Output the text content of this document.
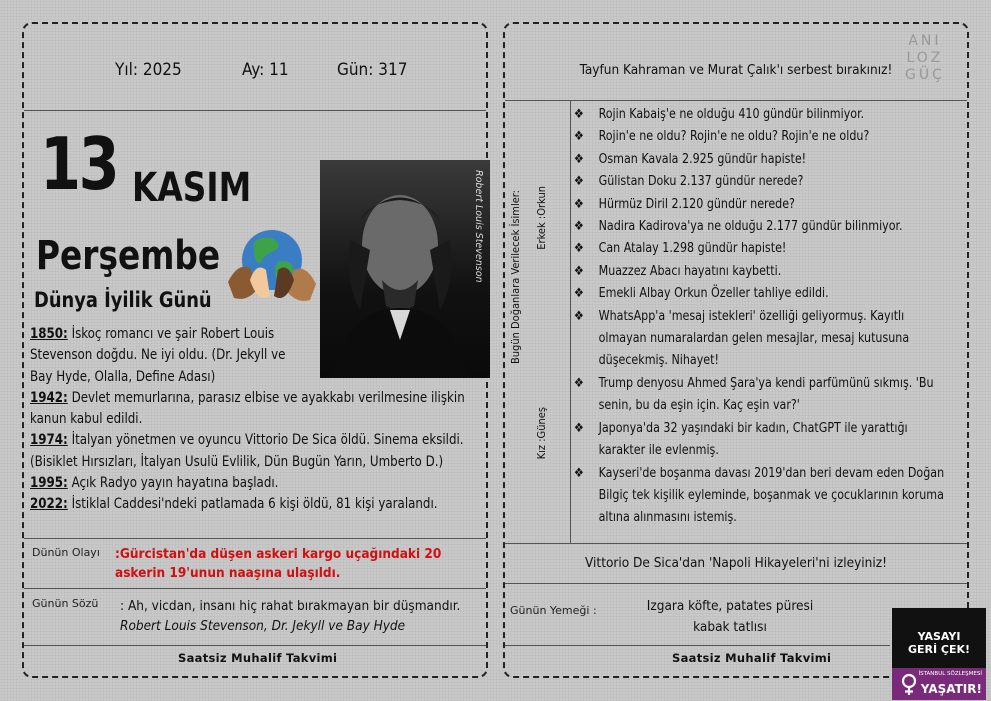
Yıl: 2025	Ay: 11	Gün: 317
13 KASIM
Perşembe
Dünya İyilik Günü
Robert Louis Stevenson
1850: İskoç romancı ve şair Robert Louis Stevenson doğdu. Ne iyi oldu. (Dr. Jekyll ve Bay Hyde, Olalla, Define Adası)
1942: Devlet memurlarına, parasız elbise ve ayakkabı verilmesine ilişkin kanun kabul edildi.
1974: İtalyan yönetmen ve oyuncu Vittorio De Sica öldü. Sinema eksildi. (Bisiklet Hırsızları, İtalyan Usulü Evlilik, Dün Bugün Yarın, Umberto D.)
1995: Açık Radyo yayın hayatına başladı.
2022: İstiklal Caddesi'ndeki patlamada 6 kişi öldü, 81 kişi yaralandı.
Dünün Olayı :Gürcistan'da düşen askeri kargo uçağındaki 20 askerin 19'unun naaşına ulaşıldı.
Günün Sözü : Ah, vicdan, insanı hiç rahat bırakmayan bir düşmandır.
Robert Louis Stevenson, Dr. Jekyll ve Bay Hyde
Saatsiz Muhalif Takvimi
Tayfun Kahraman ve Murat Çalık'ı serbest bırakınız!
ANI
LOZ
GÜÇ
Bugün Doğanlara Verilecek İsimler: Erkek :Orkun
Kız :Güneş
❖ Rojin Kabaiş'e ne olduğu 410 gündür bilinmiyor.
❖ Rojin'e ne oldu? Rojin'e ne oldu? Rojin'e ne oldu?
❖ Osman Kavala 2.925 gündür hapiste!
❖ Gülistan Doku 2.137 gündür nerede?
❖ Hürmüz Diril 2.120 gündür nerede?
❖ Nadira Kadirova'ya ne olduğu 2.177 gündür bilinmiyor.
❖ Can Atalay 1.298 gündür hapiste!
❖ Muazzez Abacı hayatını kaybetti.
❖ Emekli Albay Orkun Özeller tahliye edildi.
❖ WhatsApp'a 'mesaj istekleri' özelliği geliyormuş. Kayıtlı olmayan numaralardan gelen mesajlar, mesaj kutusuna düşecekmiş. Nihayet!
❖ Trump denyosu Ahmed Şara'ya kendi parfümünü sıkmış. 'Bu senin, bu da eşin için. Kaç eşin var?'
❖ Japonya'da 32 yaşındaki bir kadın, ChatGPT ile yarattığı karakter ile evlenmiş.
❖ Kayseri'de boşanma davası 2019'dan beri devam eden Doğan Bilgiç tek kişilik eyleminde, boşanmak ve çocuklarının koruma altına alınmasını istemiş.
Vittorio De Sica'dan 'Napoli Hikayeleri'ni izleyiniz!
Günün Yemeği :	Izgara köfte, patates püresi
kabak tatlısı
Saatsiz Muhalif Takvimi
YASAYI
GERİ ÇEK!
İSTANBUL SÖZLEŞMESİ
YAŞATIR!
